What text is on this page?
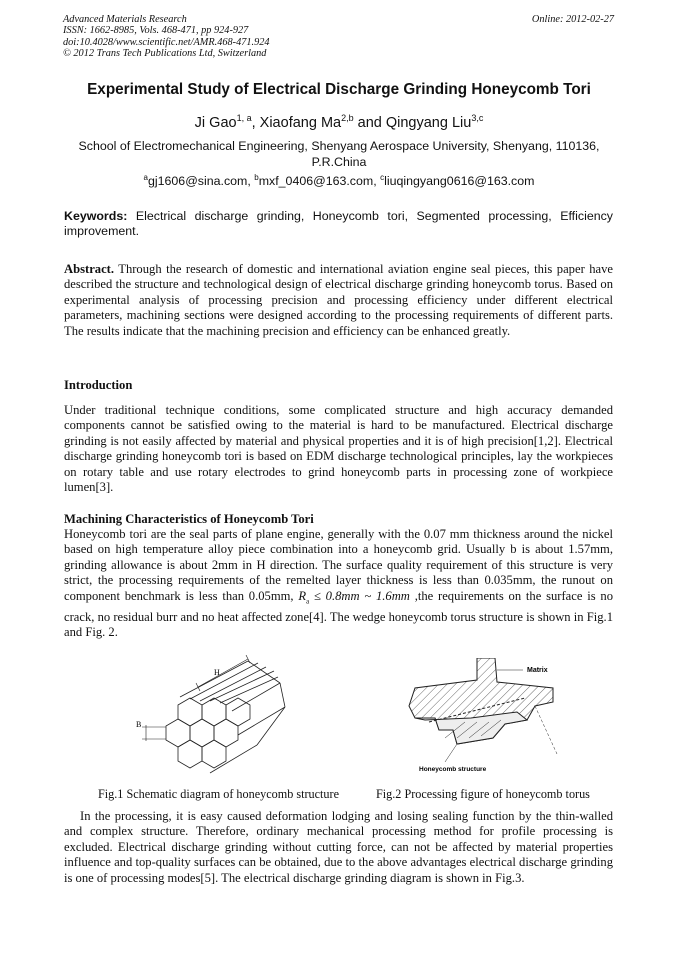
Advanced Materials Research
ISSN: 1662-8985, Vols. 468-471, pp 924-927
doi:10.4028/www.scientific.net/AMR.468-471.924
© 2012 Trans Tech Publications Ltd, Switzerland
Online: 2012-02-27
Experimental Study of Electrical Discharge Grinding Honeycomb Tori
Ji Gao$^{1, a}$, Xiaofang Ma$^{2,b}$ and Qingyang Liu$^{3,c}$
School of Electromechanical Engineering, Shenyang Aerospace University, Shenyang, 110136, P.R.China
$^a$gj1606@sina.com, $^b$mxf_0406@163.com, $^c$liuqingyang0616@163.com
Keywords: Electrical discharge grinding, Honeycomb tori, Segmented processing, Efficiency improvement.
Abstract. Through the research of domestic and international aviation engine seal pieces, this paper have described the structure and technological design of electrical discharge grinding honeycomb torus. Based on experimental analysis of processing precision and processing efficiency under different electrical parameters, machining sections were designed according to the processing requirements of different parts. The results indicate that the machining precision and efficiency can be enhanced greatly.
Introduction
Under traditional technique conditions, some complicated structure and high accuracy demanded components cannot be satisfied owing to the material is hard to be manufactured. Electrical discharge grinding is not easily affected by material and physical properties and it is of high precision[1,2]. Electrical discharge grinding honeycomb tori is based on EDM discharge technological principles, lay the workpieces on rotary table and use rotary electrodes to grind honeycomb parts in processing zone of workpiece lumen[3].
Machining Characteristics of Honeycomb Tori
Honeycomb tori are the seal parts of plane engine, generally with the 0.07 mm thickness around the nickel based on high temperature alloy piece combination into a honeycomb grid. Usually b is about 1.57mm, grinding allowance is about 2mm in H direction. The surface quality requirement of this structure is very strict, the processing requirements of the remelted layer thickness is less than 0.035mm, the runout on component benchmark is less than 0.05mm, $R_a \le 0.8mm$ ~ 1.6mm ,the requirements on the surface is no crack, no residual burr and no heat affected zone[4]. The wedge honeycomb torus structure is shown in Fig.1 and Fig. 2.
H
B
Matrix
Honeycomb structure
Fig.1 Schematic diagram of honeycomb structure	Fig.2 Processing figure of honeycomb torus
In the processing, it is easy caused deformation lodging and losing sealing function by the thin-walled and complex structure. Therefore, ordinary mechanical processing method for profile processing is excluded. Electrical discharge grinding without cutting force, can not be affected by material properties influence and top-quality surfaces can be obtained, due to the above advantages electrical discharge grinding is one of processing modes[5]. The electrical discharge grinding diagram is shown in Fig.3.
